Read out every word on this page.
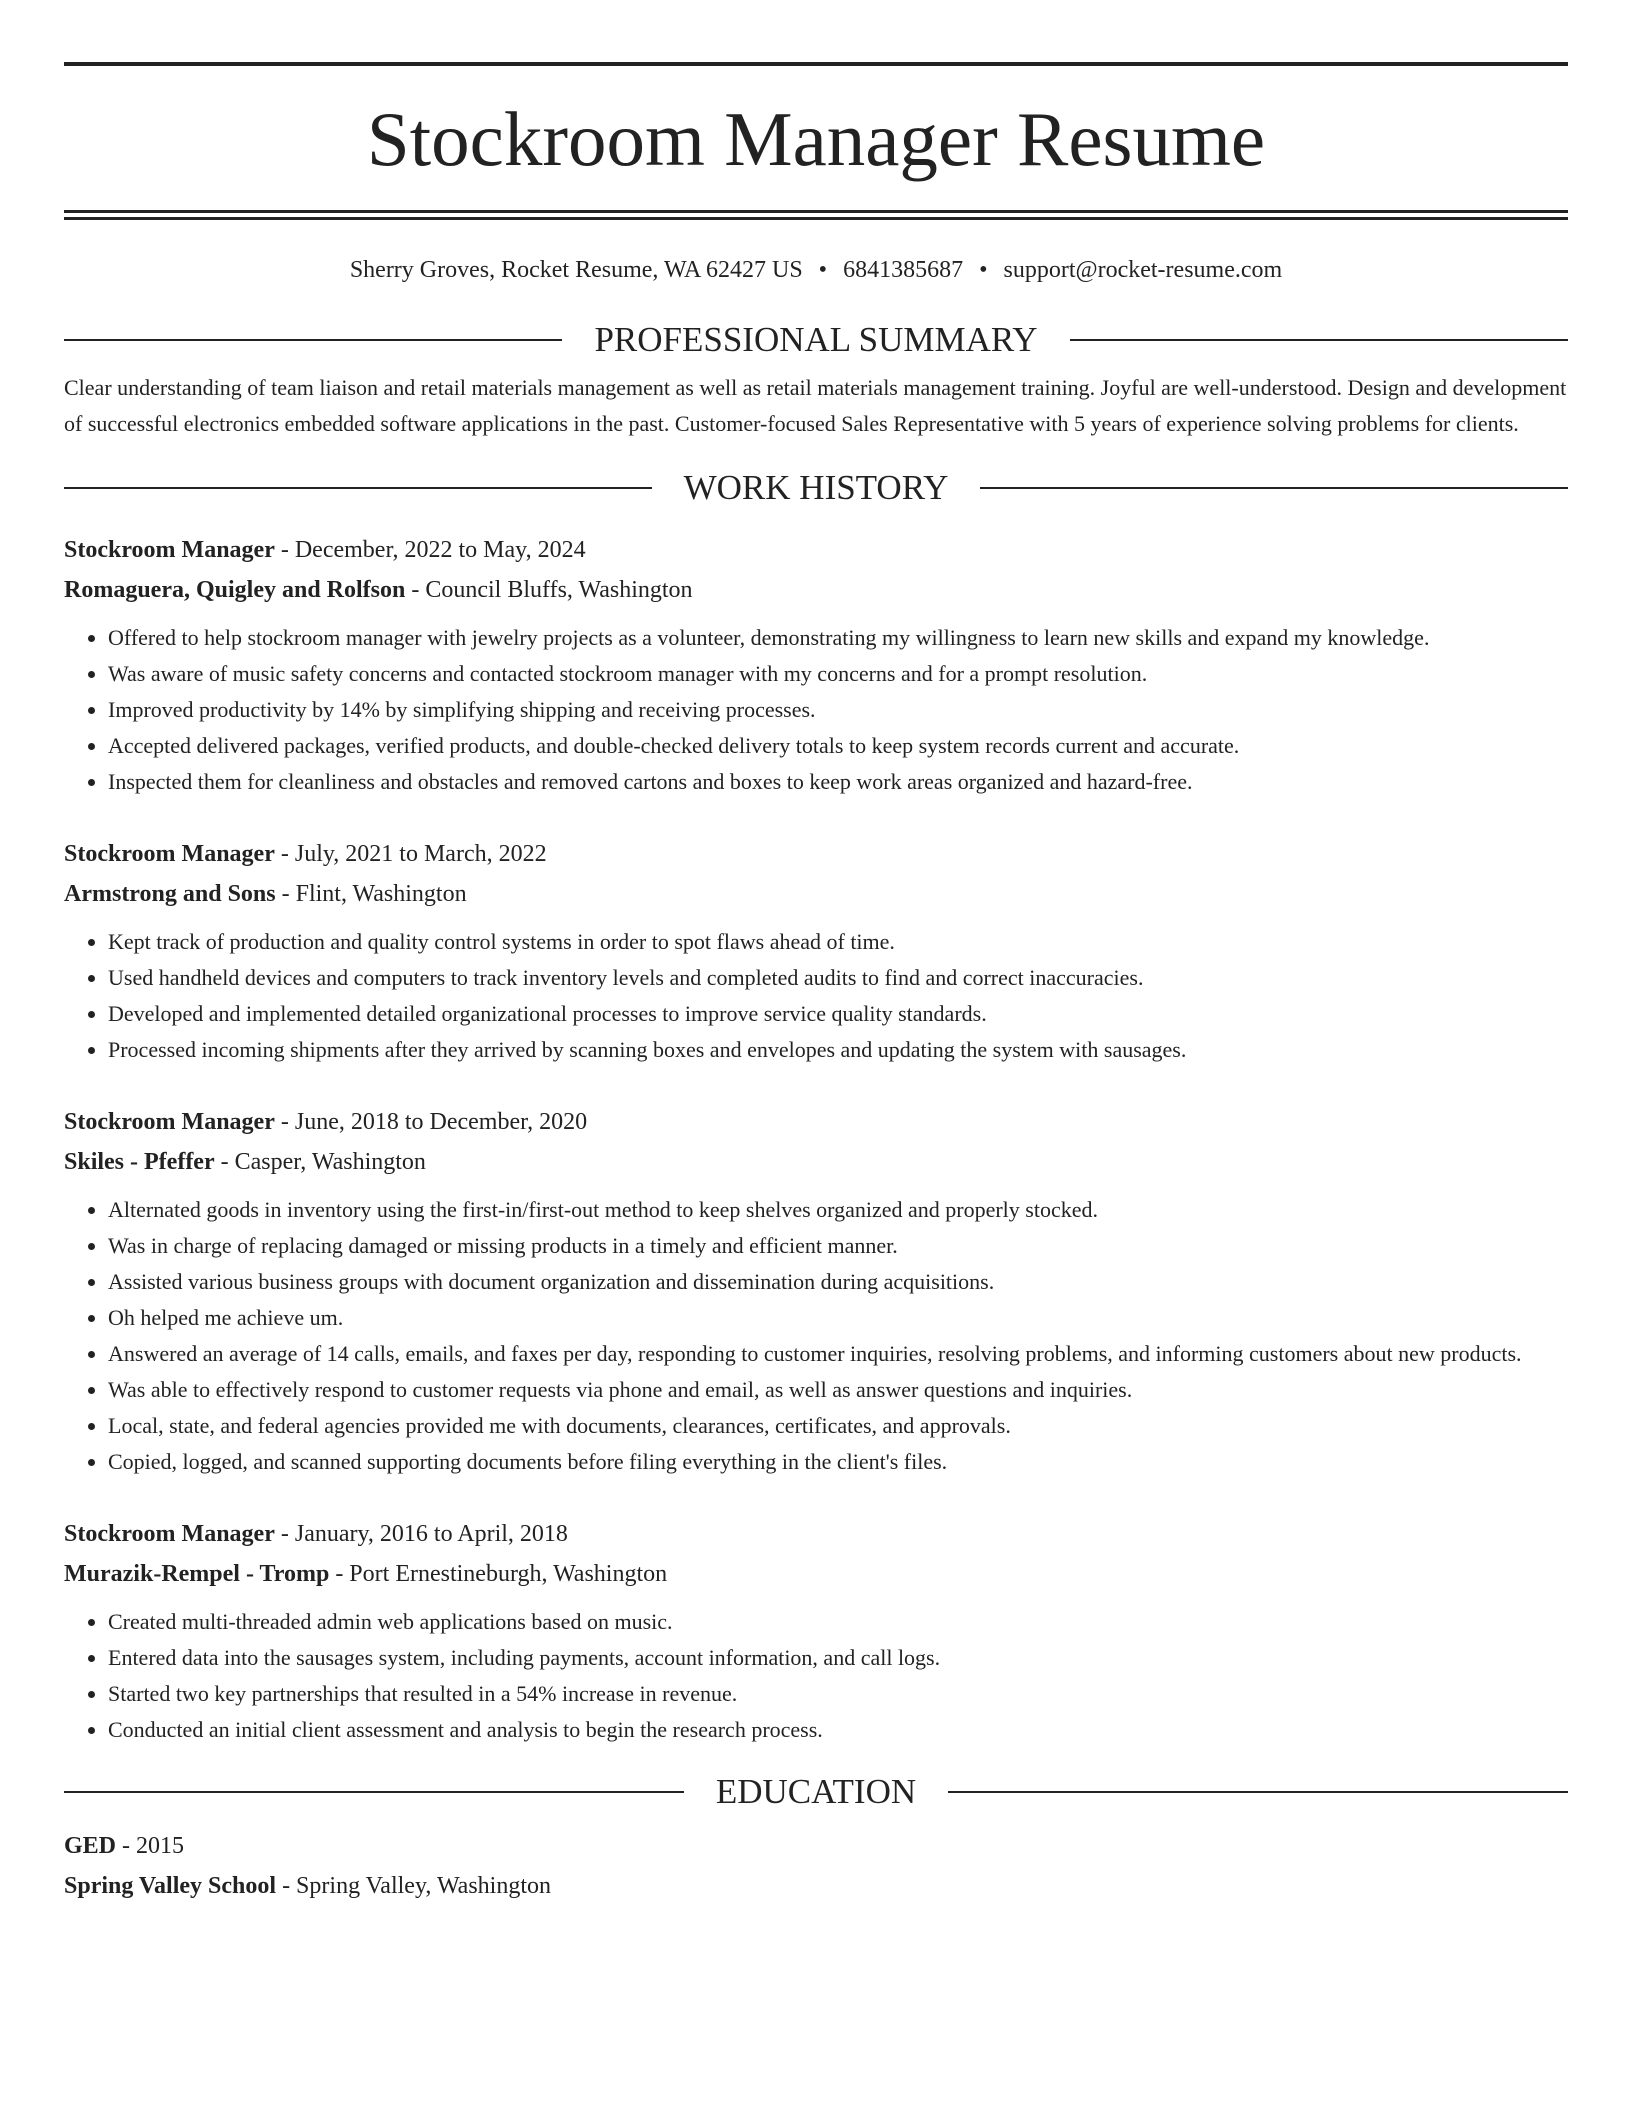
Stockroom Manager Resume
Sherry Groves, Rocket Resume, WA 62427 US • 6841385687 • support@rocket-resume.com
PROFESSIONAL SUMMARY

Clear understanding of team liaison and retail materials management as well as retail materials management training. Joyful are well-understood. Design and development of successful electronics embedded software applications in the past. Customer-focused Sales Representative with 5 years of experience solving problems for clients.

WORK HISTORY
Stockroom Manager - December, 2022 to May, 2024
Romaguera, Quigley and Rolfson - Council Bluffs, Washington
• Offered to help stockroom manager with jewelry projects as a volunteer, demonstrating my willingness to learn new skills and expand my knowledge.
• Was aware of music safety concerns and contacted stockroom manager with my concerns and for a prompt resolution.
• Improved productivity by 14% by simplifying shipping and receiving processes.
• Accepted delivered packages, verified products, and double-checked delivery totals to keep system records current and accurate.
• Inspected them for cleanliness and obstacles and removed cartons and boxes to keep work areas organized and hazard-free.
Stockroom Manager - July, 2021 to March, 2022
Armstrong and Sons - Flint, Washington
• Kept track of production and quality control systems in order to spot flaws ahead of time.
• Used handheld devices and computers to track inventory levels and completed audits to find and correct inaccuracies.
• Developed and implemented detailed organizational processes to improve service quality standards.
• Processed incoming shipments after they arrived by scanning boxes and envelopes and updating the system with sausages.
Stockroom Manager - June, 2018 to December, 2020
Skiles - Pfeffer - Casper, Washington
• Alternated goods in inventory using the first-in/first-out method to keep shelves organized and properly stocked.
• Was in charge of replacing damaged or missing products in a timely and efficient manner.
• Assisted various business groups with document organization and dissemination during acquisitions.
• Oh helped me achieve um.
• Answered an average of 14 calls, emails, and faxes per day, responding to customer inquiries, resolving problems, and informing customers about new products.
• Was able to effectively respond to customer requests via phone and email, as well as answer questions and inquiries.
• Local, state, and federal agencies provided me with documents, clearances, certificates, and approvals.
• Copied, logged, and scanned supporting documents before filing everything in the client's files.
Stockroom Manager - January, 2016 to April, 2018
Murazik-Rempel - Tromp - Port Ernestineburgh, Washington
• Created multi-threaded admin web applications based on music.
• Entered data into the sausages system, including payments, account information, and call logs.
• Started two key partnerships that resulted in a 54% increase in revenue.
• Conducted an initial client assessment and analysis to begin the research process.
EDUCATION
GED - 2015
Spring Valley School - Spring Valley, Washington
